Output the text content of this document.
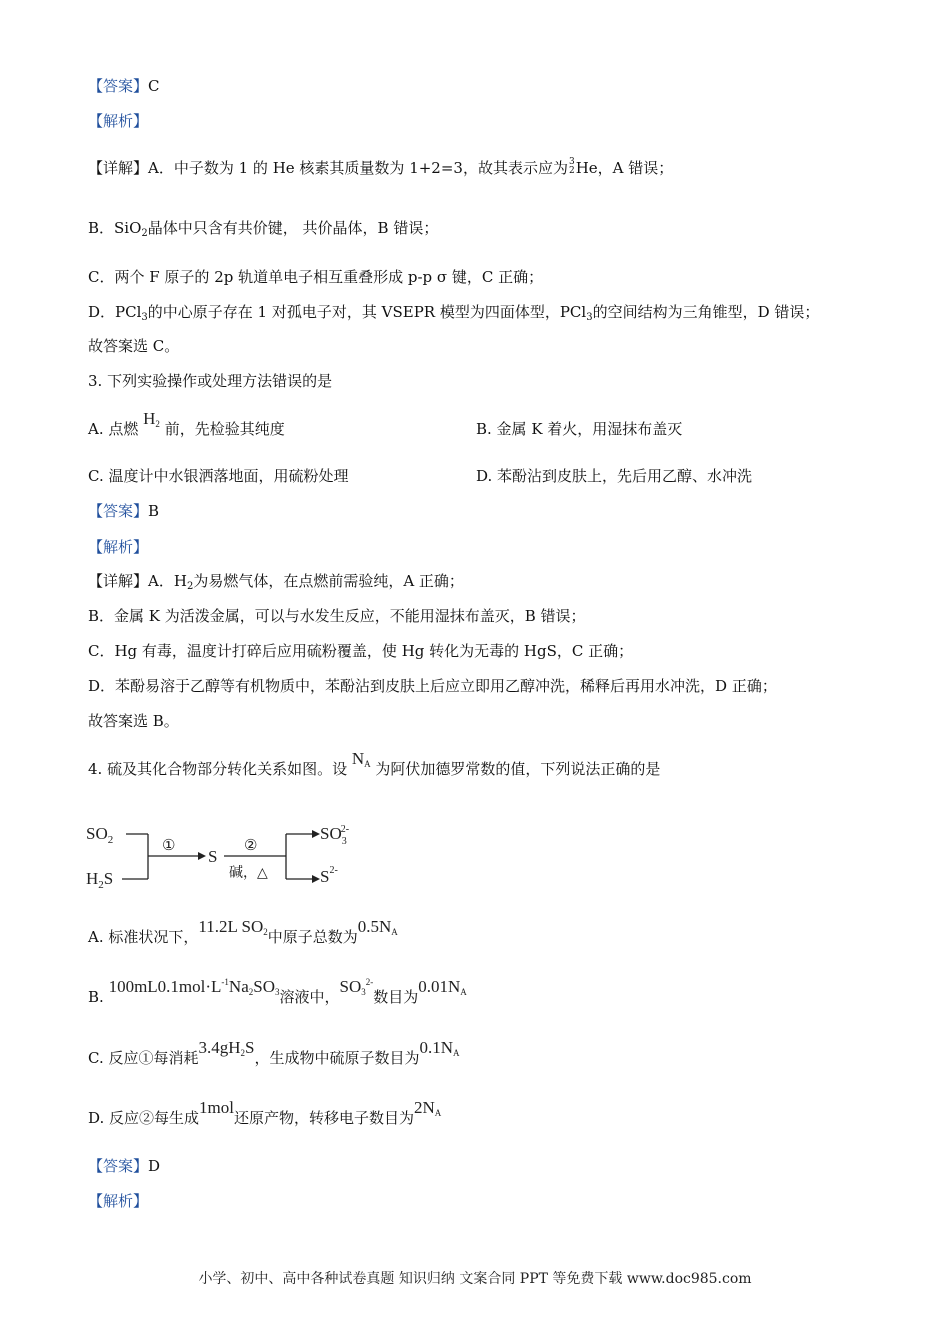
【答案】C
【解析】
【详解】A．中子数为 1 的 He 核素其质量数为 1+2=3，故其表示应为3
2He，A 错误；
B．SiO$_2$晶体中只含有共价键， 共价晶体，B 错误；
C．两个 F 原子的 2p 轨道单电子相互重叠形成 p-p σ 键，C 正确；
D．PCl$_3$的中心原子存在 1 对孤电子对，其 VSEPR 模型为四面体型，PCl$_3$的空间结构为三角锥型，D 错误；
故答案选 C。
3. 下列实验操作或处理方法错误的是
A. 点燃 $H_2$ 前，先检验其纯度	B. 金属 K 着火，用湿抹布盖灭
C. 温度计中水银洒落地面，用硫粉处理	D. 苯酚沾到皮肤上，先后用乙醇、水冲洗
【答案】B
【解析】
【详解】A．$H_2$为易燃气体，在点燃前需验纯，A 正确；
B．金属 K 为活泼金属，可以与水发生反应，不能用湿抹布盖灭，B 错误；
C．Hg 有毒，温度计打碎后应用硫粉覆盖，使 Hg 转化为无毒的 HgS，C 正确；
D．苯酚易溶于乙醇等有机物质中，苯酚沾到皮肤上后应立即用乙醇冲洗，稀释后再用水冲洗，D 正确；
故答案选 B。
4. 硫及其化合物部分转化关系如图。设 $N_A$ 为阿伏加德罗常数的值，下列说法正确的是
$SO_2$
$H_2S$
S
$SO_32-$
$S^{2-}$
①	②
碱，△
A. 标准状况下，11.2L $SO_2$中原子总数为$0.5N_A$
B. $100mL0.1mol\cdot L^{-1}Na_2SO_3$溶液中，$SO_3^{2-}$数目为$0.01N_A$
C. 反应①每消耗$3.4gH_2S$，生成物中硫原子数目为$0.1N_A$
D. 反应②每生成1mol还原产物，转移电子数目为$2N_A$
【答案】D
【解析】
小学、初中、高中各种试卷真题 知识归纳 文案合同 PPT 等免费下载 www.doc985.com
